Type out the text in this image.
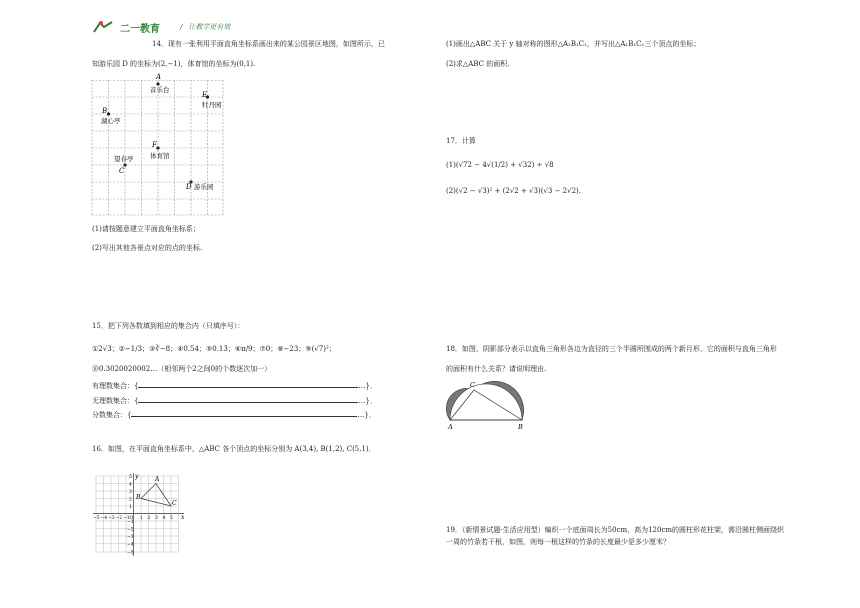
二一教育	/ 让教学更有效
14．现有一张利用平面直角坐标系画出来的某公园景区地图，如图所示，已
知游乐园 D 的坐标为(2,−1)，体育馆的坐标为(0,1).
A
音乐台
E
牡丹园
B
湖心亭
F
体育馆
望春亭
C
D 游乐园
(1)请按题意建立平面直角坐标系；
(2)写出其他各景点对应的点的坐标.
15．把下列各数填到相应的集合内（只填序号）：
①2√3；②−1/3；③∛−8；④0.54；⑤0.13̇；⑥π/9；⑦0；⑧−23；⑨(√7)²；
⑩0.3020020002…（相邻两个2之间0的个数逐次加一）
有理数集合：{	…}．
无理数集合：{	…}．
分数集合：{	…}．
16．如图，在平面直角坐标系中，△ABC 各个顶点的坐标分别为 A(3,4), B(1,2), C(5,1)．
x
y
−5 −4 −3 −2 −1 O 1 2 3 4 5
5
4
3
2
1
−1
−2
−3
−4
−5
A
B
C
(1)画出△ABC 关于 y 轴对称的图形△A₁B₁C₁，并写出△A₁B₁C₁三个顶点的坐标；
(2)求△ABC 的面积.
17．计算
(1)(√72 − 4√(1/2) + √32) ÷ √8
(2)(√2 − √3)² + (2√2 + √3)(√3 − 2√2).
18．如图，阴影部分表示以直角三角形各边为直径的三个半圆所围成的两个新月形，它的面积与直角三角形
的面积有什么关系？请说明理由.
A	B
C
19．（新情景试题·生活应用型）编织一个底面周长为50cm，高为120cm的圆柱形花柱架，需沿圆柱侧面绕织
一周的竹条若干根，如图，则每一根这样的竹条的长度最少是多少厘米？
